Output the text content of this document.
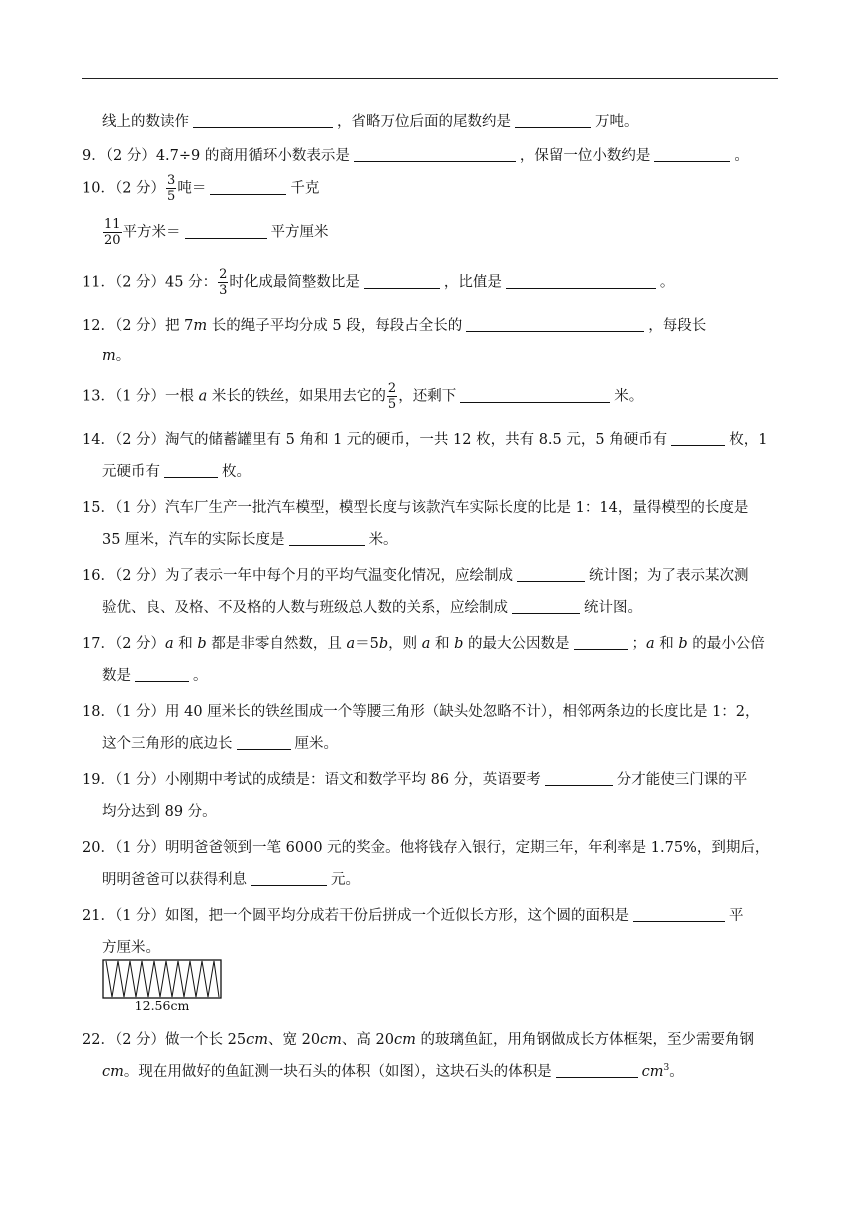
线上的数读作	，省略万位后面的尾数约是	万吨。
9．（2 分）4.7÷9 的商用循环小数表示是	，保留一位小数约是	。
10．（2 分） $\frac{3}{5}$ 吨＝	千克
$\frac{11}{20}$ 平方米＝	平方厘米
11．（2 分）45 分： $\frac{2}{3}$ 时化成最简整数比是	，比值是	。
12．（2 分）把 7m 长的绳子平均分成 5 段，每段占全长的	，每段长
m。
13．（1 分）一根 a 米长的铁丝，如果用去它的 $\frac{2}{5}$ ，还剩下	米。
14．（2 分）淘气的储蓄罐里有 5 角和 1 元的硬币，一共 12 枚，共有 8.5 元，5 角硬币有	枚，1
元硬币有	枚。
15．（1 分）汽车厂生产一批汽车模型，模型长度与该款汽车实际长度的比是 1：14，量得模型的长度是
35 厘米，汽车的实际长度是	米。
16．（2 分）为了表示一年中每个月的平均气温变化情况，应绘制成	统计图；为了表示某次测
验优、良、及格、不及格的人数与班级总人数的关系，应绘制成	统计图。
17．（2 分）a 和 b 都是非零自然数，且 a＝5b，则 a 和 b 的最大公因数是	；a 和 b 的最小公倍
数是	。
18．（1 分）用 40 厘米长的铁丝围成一个等腰三角形（缺头处忽略不计），相邻两条边的长度比是 1：2，
这个三角形的底边长	厘米。
19．（1 分）小刚期中考试的成绩是：语文和数学平均 86 分，英语要考	分才能使三门课的平
均分达到 89 分。
20．（1 分）明明爸爸领到一笔 6000 元的奖金。他将钱存入银行，定期三年，年利率是 1.75%，到期后，
明明爸爸可以获得利息	元。
21．（1 分）如图，把一个圆平均分成若干份后拼成一个近似长方形，这个圆的面积是	平
方厘米。
12.56cm
22．（2 分）做一个长 25cm、宽 20cm、高 20cm 的玻璃鱼缸，用角钢做成长方体框架，至少需要角钢
cm。现在用做好的鱼缸测一块石头的体积（如图），这块石头的体积是	$cm^3$。
